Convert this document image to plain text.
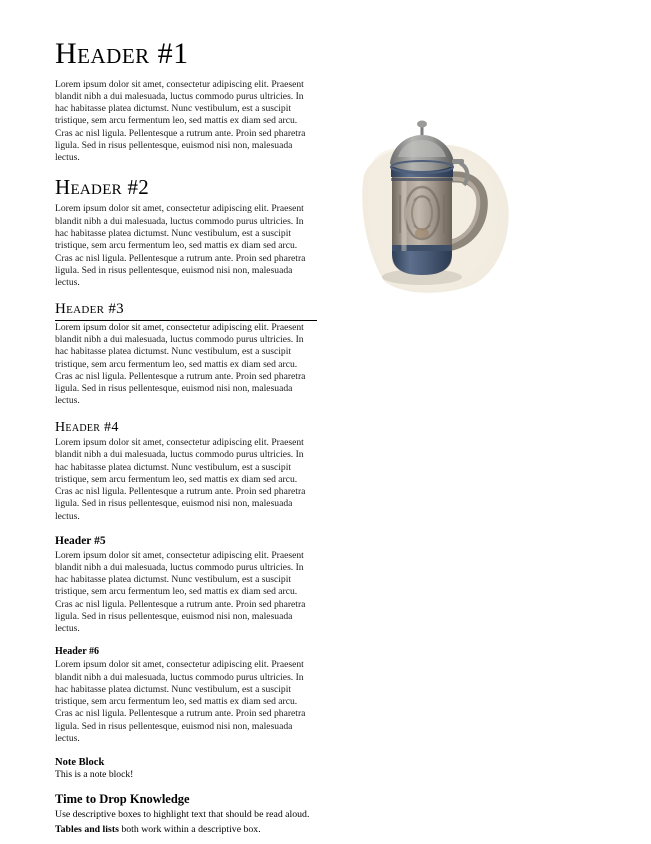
Header #1

Lorem ipsum dolor sit amet, consectetur adipiscing elit. Praesent blandit nibh a dui malesuada, luctus commodo purus ultricies. In hac habitasse platea dictumst. Nunc vestibulum, est a suscipit tristique, sem arcu fermentum leo, sed mattis ex diam sed arcu. Cras ac nisl ligula. Pellentesque a rutrum ante. Proin sed pharetra ligula. Sed in risus pellentesque, euismod nisi non, malesuada lectus.

Header #2

Lorem ipsum dolor sit amet, consectetur adipiscing elit. Praesent blandit nibh a dui malesuada, luctus commodo purus ultricies. In hac habitasse platea dictumst. Nunc vestibulum, est a suscipit tristique, sem arcu fermentum leo, sed mattis ex diam sed arcu. Cras ac nisl ligula. Pellentesque a rutrum ante. Proin sed pharetra ligula. Sed in risus pellentesque, euismod nisi non, malesuada lectus.

Header #3

Lorem ipsum dolor sit amet, consectetur adipiscing elit. Praesent blandit nibh a dui malesuada, luctus commodo purus ultricies. In hac habitasse platea dictumst. Nunc vestibulum, est a suscipit tristique, sem arcu fermentum leo, sed mattis ex diam sed arcu. Cras ac nisl ligula. Pellentesque a rutrum ante. Proin sed pharetra ligula. Sed in risus pellentesque, euismod nisi non, malesuada lectus.

Header #4

Lorem ipsum dolor sit amet, consectetur adipiscing elit. Praesent blandit nibh a dui malesuada, luctus commodo purus ultricies. In hac habitasse platea dictumst. Nunc vestibulum, est a suscipit tristique, sem arcu fermentum leo, sed mattis ex diam sed arcu. Cras ac nisl ligula. Pellentesque a rutrum ante. Proin sed pharetra ligula. Sed in risus pellentesque, euismod nisi non, malesuada lectus.

Header #5

Lorem ipsum dolor sit amet, consectetur adipiscing elit. Praesent blandit nibh a dui malesuada, luctus commodo purus ultricies. In hac habitasse platea dictumst. Nunc vestibulum, est a suscipit tristique, sem arcu fermentum leo, sed mattis ex diam sed arcu. Cras ac nisl ligula. Pellentesque a rutrum ante. Proin sed pharetra ligula. Sed in risus pellentesque, euismod nisi non, malesuada lectus.

Header #6

Lorem ipsum dolor sit amet, consectetur adipiscing elit. Praesent blandit nibh a dui malesuada, luctus commodo purus ultricies. In hac habitasse platea dictumst. Nunc vestibulum, est a suscipit tristique, sem arcu fermentum leo, sed mattis ex diam sed arcu. Cras ac nisl ligula. Pellentesque a rutrum ante. Proin sed pharetra ligula. Sed in risus pellentesque, euismod nisi non, malesuada lectus.

Note Block
This is a note block!
Time to Drop Knowledge
Use descriptive boxes to highlight text that should be read aloud.
Tables and lists both work within a descriptive box.
